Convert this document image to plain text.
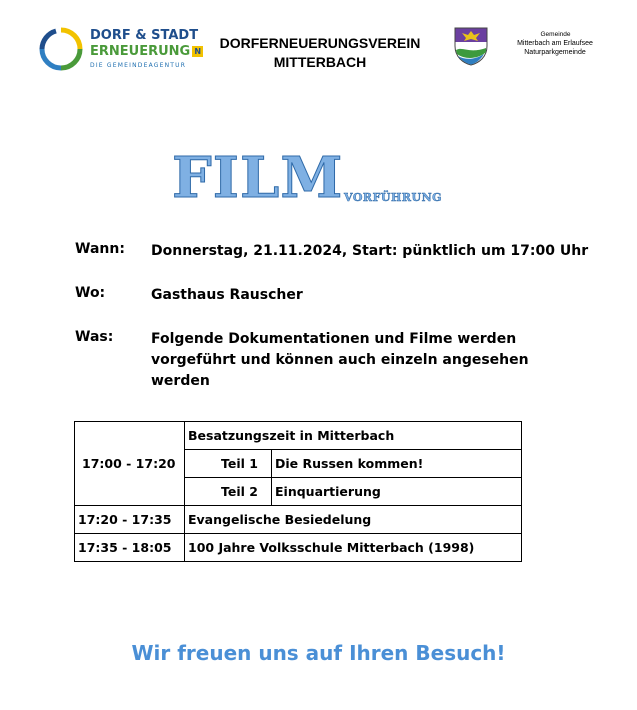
DORF & STADT
ERNEUERUNG N
DIE GEMEINDEAGENTUR
DORFERNEUERUNGSVEREIN
MITTERBACH
Gemeinde
Mitterbach am Erlaufsee
Naturparkgemeinde
FILM vorführung
Wann: Donnerstag, 21.11.2024, Start: pünktlich um 17:00 Uhr
Wo:	Gasthaus Rauscher
Was:	Folgende Dokumentationen und Filme werden vorgeführt und können auch einzeln angesehen werden
17:00 - 17:20
Besatzungszeit in Mitterbach
Teil 1 Die Russen kommen!
Teil 2 Einquartierung
17:20 - 17:35 Evangelische Besiedelung
17:35 - 18:05 100 Jahre Volksschule Mitterbach (1998)
Wir freuen uns auf Ihren Besuch!
